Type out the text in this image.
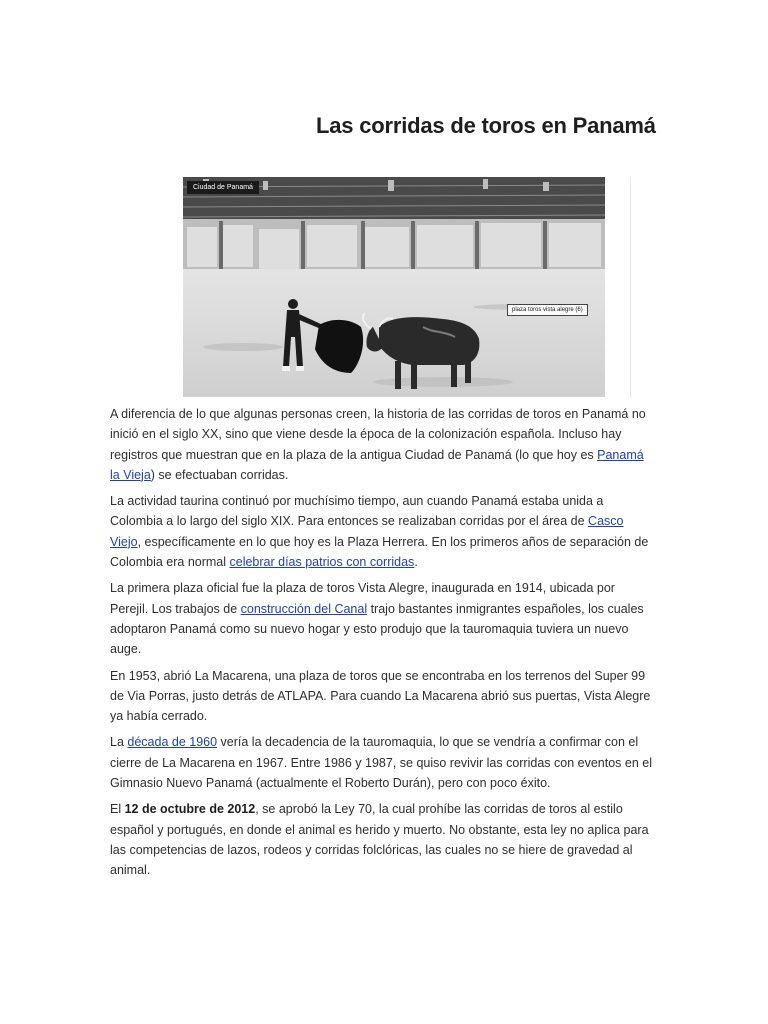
Las corridas de toros en Panamá
Ciudad de Panamá
plaza toros vista alegre (6)

A diferencia de lo que algunas personas creen, la historia de las corridas de toros en Panamá no inició en el siglo XX, sino que viene desde la época de la colonización española. Incluso hay registros que muestran que en la plaza de la antigua Ciudad de Panamá (lo que hoy es Panamá la Vieja) se efectuaban corridas.

La actividad taurina continuó por muchísimo tiempo, aun cuando Panamá estaba unida a Colombia a lo largo del siglo XIX. Para entonces se realizaban corridas por el área de Casco Viejo, específicamente en lo que hoy es la Plaza Herrera. En los primeros años de separación de Colombia era normal celebrar días patrios con corridas.

La primera plaza oficial fue la plaza de toros Vista Alegre, inaugurada en 1914, ubicada por Perejil. Los trabajos de construcción del Canal trajo bastantes inmigrantes españoles, los cuales adoptaron Panamá como su nuevo hogar y esto produjo que la tauromaquia tuviera un nuevo auge.

En 1953, abrió La Macarena, una plaza de toros que se encontraba en los terrenos del Super 99 de Via Porras, justo detrás de ATLAPA. Para cuando La Macarena abrió sus puertas, Vista Alegre ya había cerrado.

La década de 1960 vería la decadencia de la tauromaquia, lo que se vendría a confirmar con el cierre de La Macarena en 1967. Entre 1986 y 1987, se quiso revivir las corridas con eventos en el Gimnasio Nuevo Panamá (actualmente el Roberto Durán), pero con poco éxito.

El 12 de octubre de 2012, se aprobó la Ley 70, la cual prohíbe las corridas de toros al estilo español y portugués, en donde el animal es herido y muerto. No obstante, esta ley no aplica para las competencias de lazos, rodeos y corridas folclóricas, las cuales no se hiere de gravedad al animal.
